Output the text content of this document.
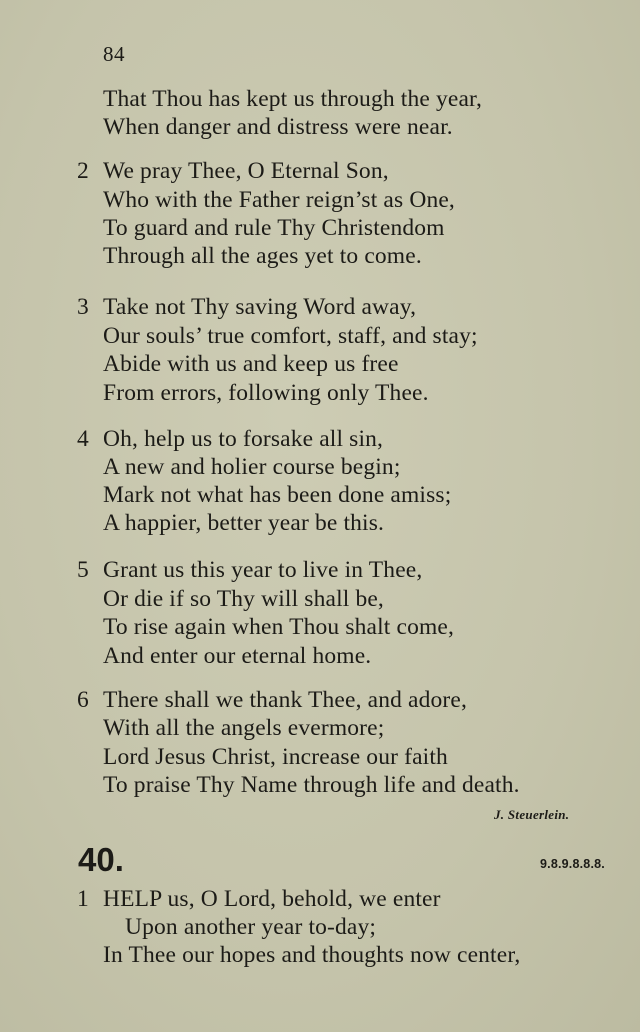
84
That Thou has kept us through the year,
When danger and distress were near.
2 We pray Thee, O Eternal Son,
Who with the Father reign’st as One,
To guard and rule Thy Christendom
Through all the ages yet to come.
3 Take not Thy saving Word away,
Our souls’ true comfort, staff, and stay;
Abide with us and keep us free
From errors, following only Thee.
4 Oh, help us to forsake all sin,
A new and holier course begin;
Mark not what has been done amiss;
A happier, better year be this.
5 Grant us this year to live in Thee,
Or die if so Thy will shall be,
To rise again when Thou shalt come,
And enter our eternal home.
6 There shall we thank Thee, and adore,
With all the angels evermore;
Lord Jesus Christ, increase our faith
To praise Thy Name through life and death.
J. Steuerlein.
40.	9.8.9.8.8.8.
1 HELP us, O Lord, behold, we enter
Upon another year to-day;
In Thee our hopes and thoughts now center,
